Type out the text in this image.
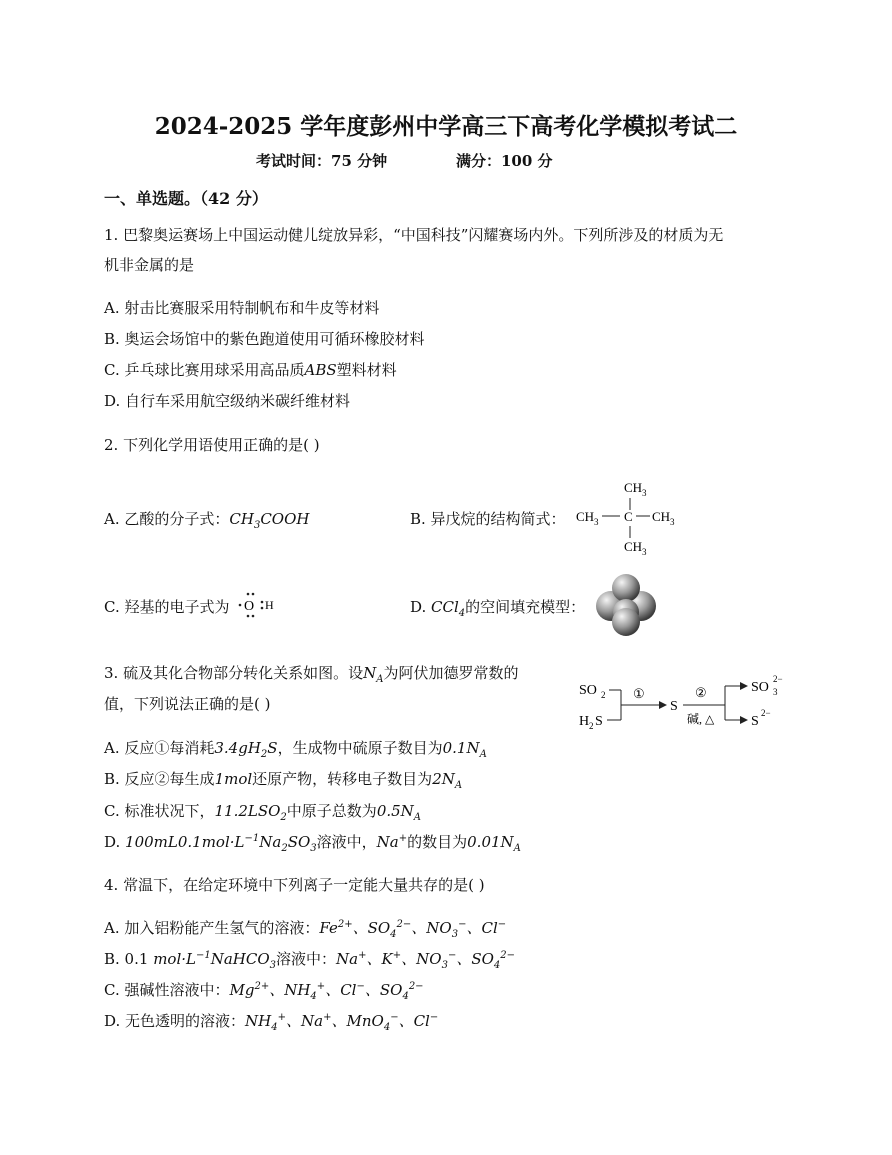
2024-2025 学年度彭州中学高三下高考化学模拟考试二
考试时间：75 分钟	满分：100 分
一、单选题。（42 分）
1. 巴黎奥运赛场上中国运动健儿绽放异彩，“中国科技”闪耀赛场内外。下列所涉及的材质为无
机非金属的是
A. 射击比赛服采用特制帆布和牛皮等材料
B. 奥运会场馆中的紫色跑道使用可循环橡胶材料
C. 乒乓球比赛用球采用高品质ABS塑料材料
D. 自行车采用航空级纳米碳纤维材料
2. 下列化学用语使用正确的是( )
A. 乙酸的分子式：$CH_3COOH$	B. 异戊烷的结构简式：
CH 3
CH 3 C CH 3
CH 3
C. 羟基的电子式为 O H	D. CCl$_4$的空间填充模型：
3. 硫及其化合物部分转化关系如图。设$N_A$为阿伏加德罗常数的
值，下列说法正确的是( )
SO 2
H 2 S
①
S
②
碱, △
SO 3
2−
S
2−
A. 反应①每消耗$3.4gH_2S$，生成物中硫原子数目为$0.1N_A$
B. 反应②每生成1mol还原产物，转移电子数目为$2N_A$
C. 标准状况下，$11.2LSO_2$中原子总数为$0.5N_A$
D. $100mL0.1mol\cdot L^{-1}Na_2SO_3$溶液中，Na+的数目为$0.01N_A$
4. 常温下，在给定环境中下列离子一定能大量共存的是( )
A. 加入铝粉能产生氢气的溶液：$Fe^{2+}$、$SO_4^{2-}$、$NO_3^-$、Cl−
B. 0.1 $mol\cdot L^{-1}NaHCO_3$溶液中：Na+、K+、$NO_3^-$、$SO_4^{2-}$
C. 强碱性溶液中：$Mg^{2+}$、$NH_4^+$、Cl−、$SO_4^{2-}$
D. 无色透明的溶液：$NH_4^+$、Na+、MnO$_4$−、Cl−
